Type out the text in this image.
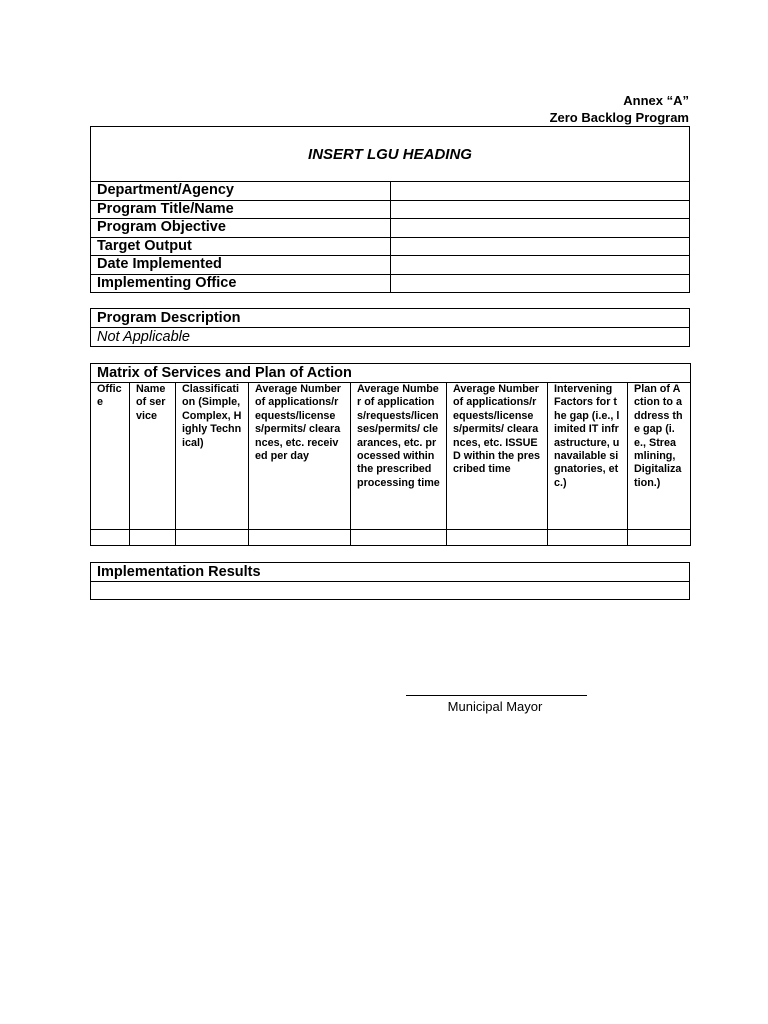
Annex “A”
Zero Backlog Program
INSERT LGU HEADING	
Department/Agency	
Program Title/Name	
Program Objective	
Target Output	
Date Implemented	
Implementing Office	
Program Description
Not Applicable
Matrix of Services and Plan of Action							
Office	Name of service	Classification (Simple, Complex, Highly Technical)	Average Number of applications/requests/licenses/permits/ clearances, etc. received per day	Average Number of applications/requests/licenses/permits/ clearances, etc. processed within the prescribed processing time	Average Number of applications/requests/licenses/permits/ clearances, etc. ISSUED within the prescribed time	Intervening Factors for the gap (i.e., limited IT infrastructure, unavailable signatories, etc.)	Plan of Action to address the gap (i.e., Streamlining, Digitalization.)

Implementation Results

Municipal Mayor
